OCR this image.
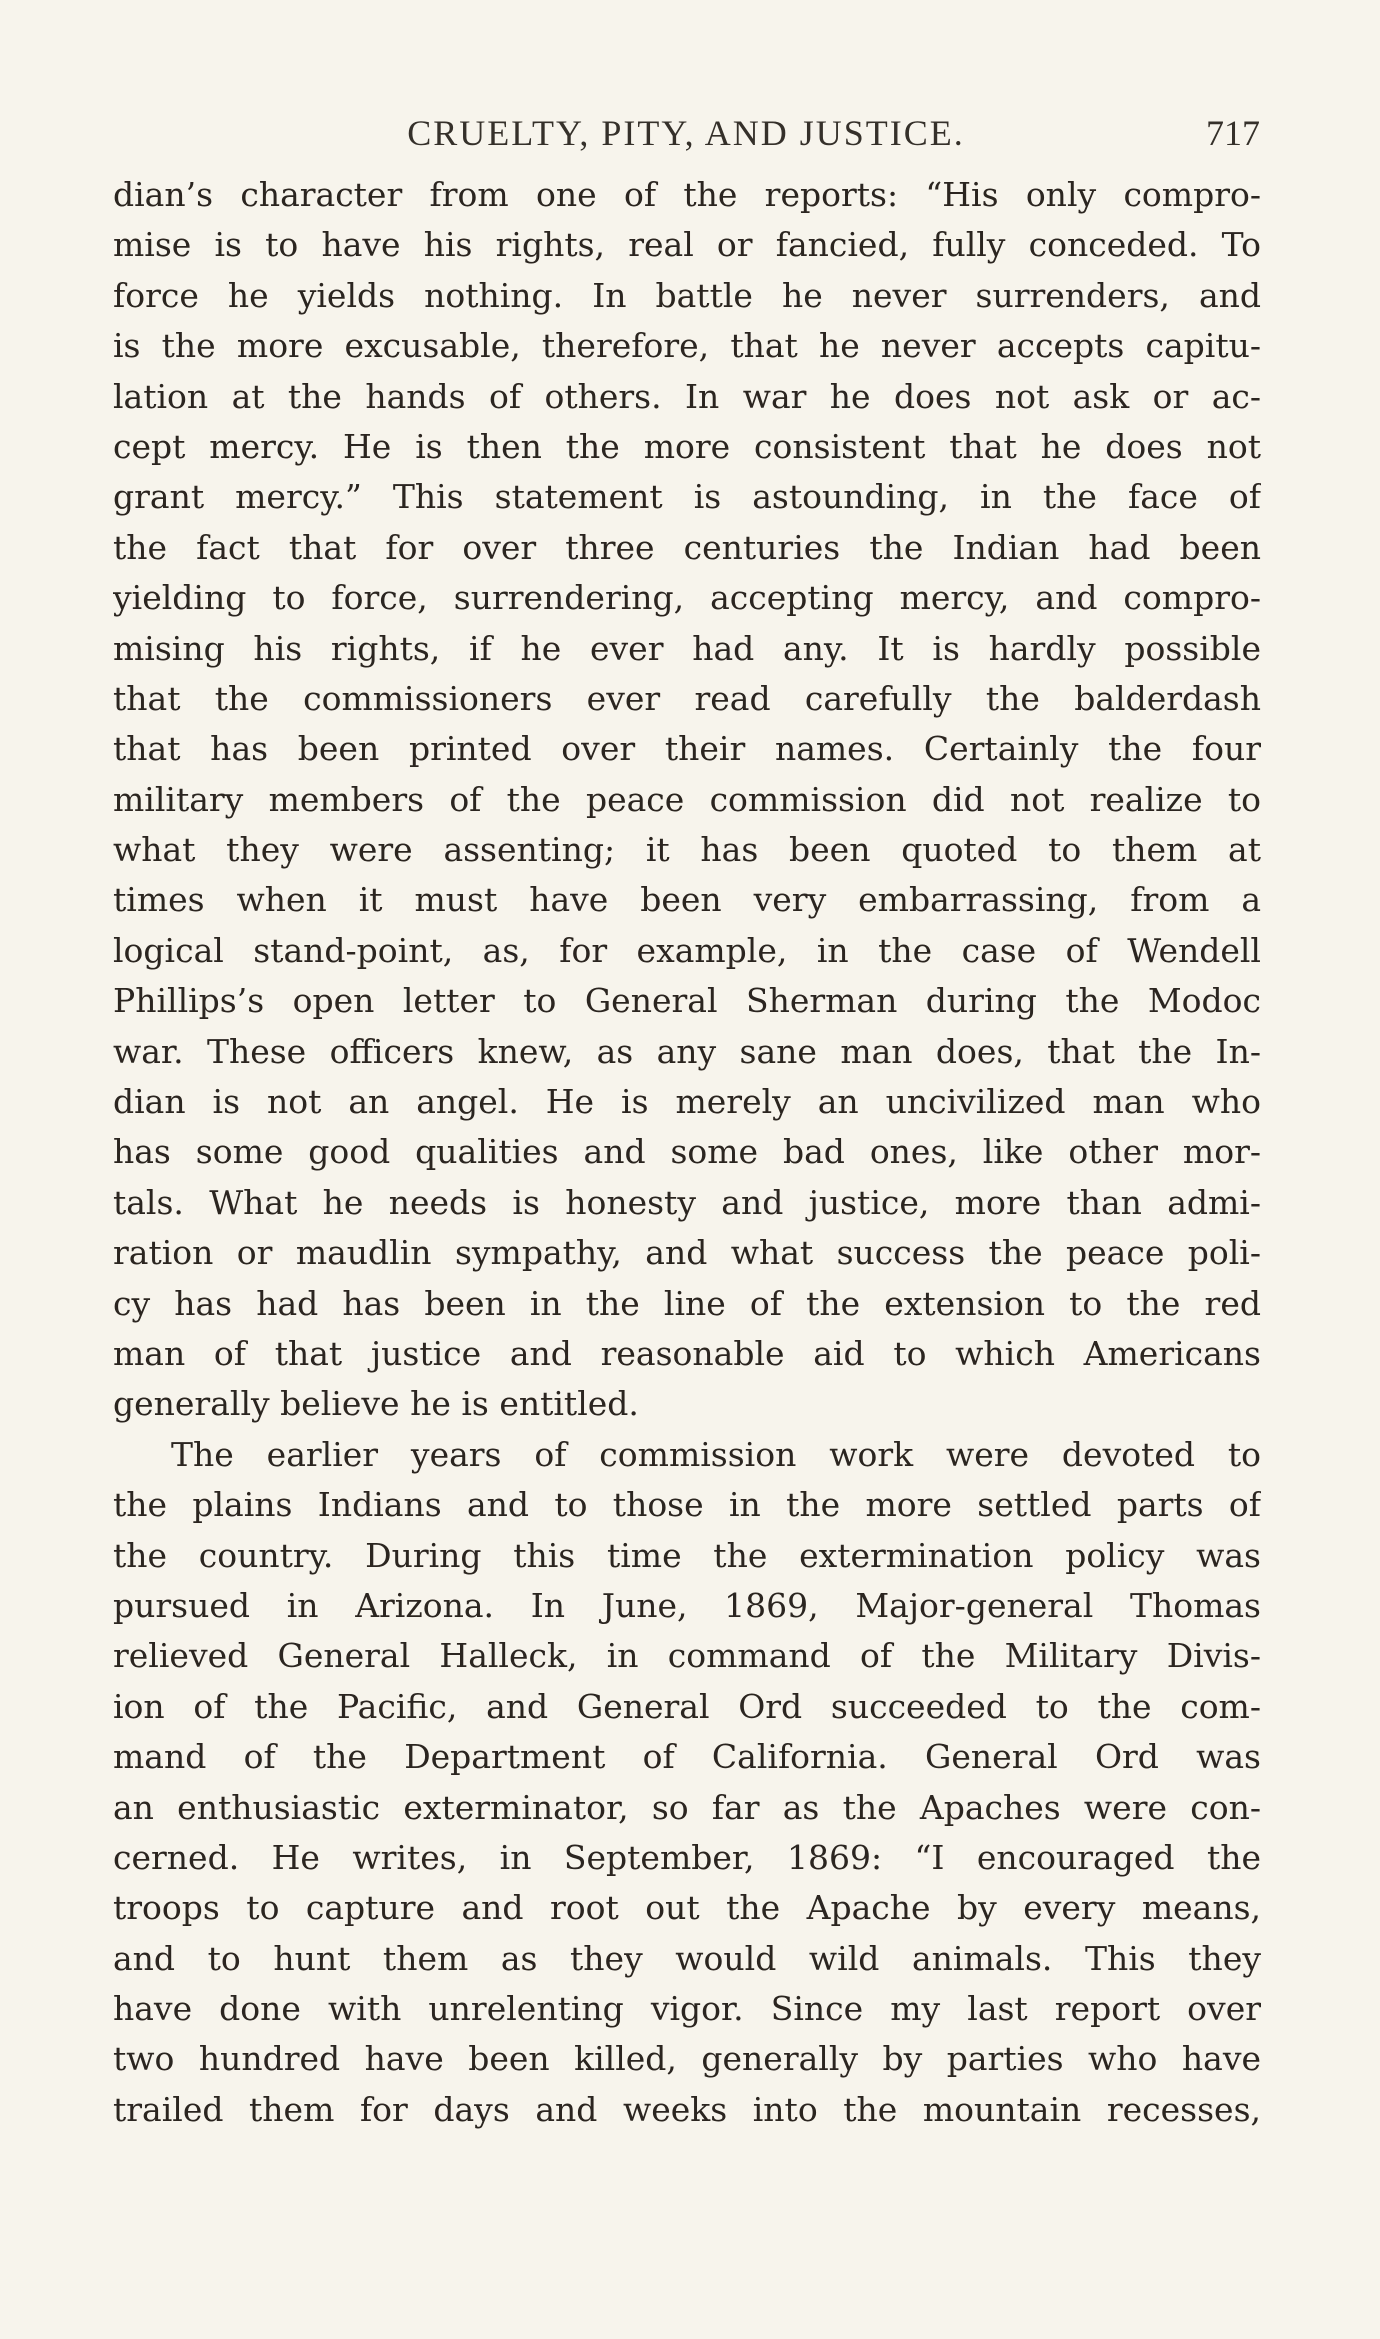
CRUELTY, PITY, AND JUSTICE.	717
dian’s character from one of the reports: “His only compro-
mise is to have his rights, real or fancied, fully conceded. To
force he yields nothing. In battle he never surrenders, and
is the more excusable, therefore, that he never accepts capitu-
lation at the hands of others. In war he does not ask or ac-
cept mercy. He is then the more consistent that he does not
grant mercy.” This statement is astounding, in the face of
the fact that for over three centuries the Indian had been
yielding to force, surrendering, accepting mercy, and compro-
mising his rights, if he ever had any. It is hardly possible
that the commissioners ever read carefully the balderdash
that has been printed over their names. Certainly the four
military members of the peace commission did not realize to
what they were assenting; it has been quoted to them at
times when it must have been very embarrassing, from a
logical stand-point, as, for example, in the case of Wendell
Phillips’s open letter to General Sherman during the Modoc
war. These officers knew, as any sane man does, that the In-
dian is not an angel. He is merely an uncivilized man who
has some good qualities and some bad ones, like other mor-
tals. What he needs is honesty and justice, more than admi-
ration or maudlin sympathy, and what success the peace poli-
cy has had has been in the line of the extension to the red
man of that justice and reasonable aid to which Americans
generally believe he is entitled.
The earlier years of commission work were devoted to
the plains Indians and to those in the more settled parts of
the country. During this time the extermination policy was
pursued in Arizona. In June, 1869, Major-general Thomas
relieved General Halleck, in command of the Military Divis-
ion of the Pacific, and General Ord succeeded to the com-
mand of the Department of California. General Ord was
an enthusiastic exterminator, so far as the Apaches were con-
cerned. He writes, in September, 1869: “I encouraged the
troops to capture and root out the Apache by every means,
and to hunt them as they would wild animals. This they
have done with unrelenting vigor. Since my last report over
two hundred have been killed, generally by parties who have
trailed them for days and weeks into the mountain recesses,
